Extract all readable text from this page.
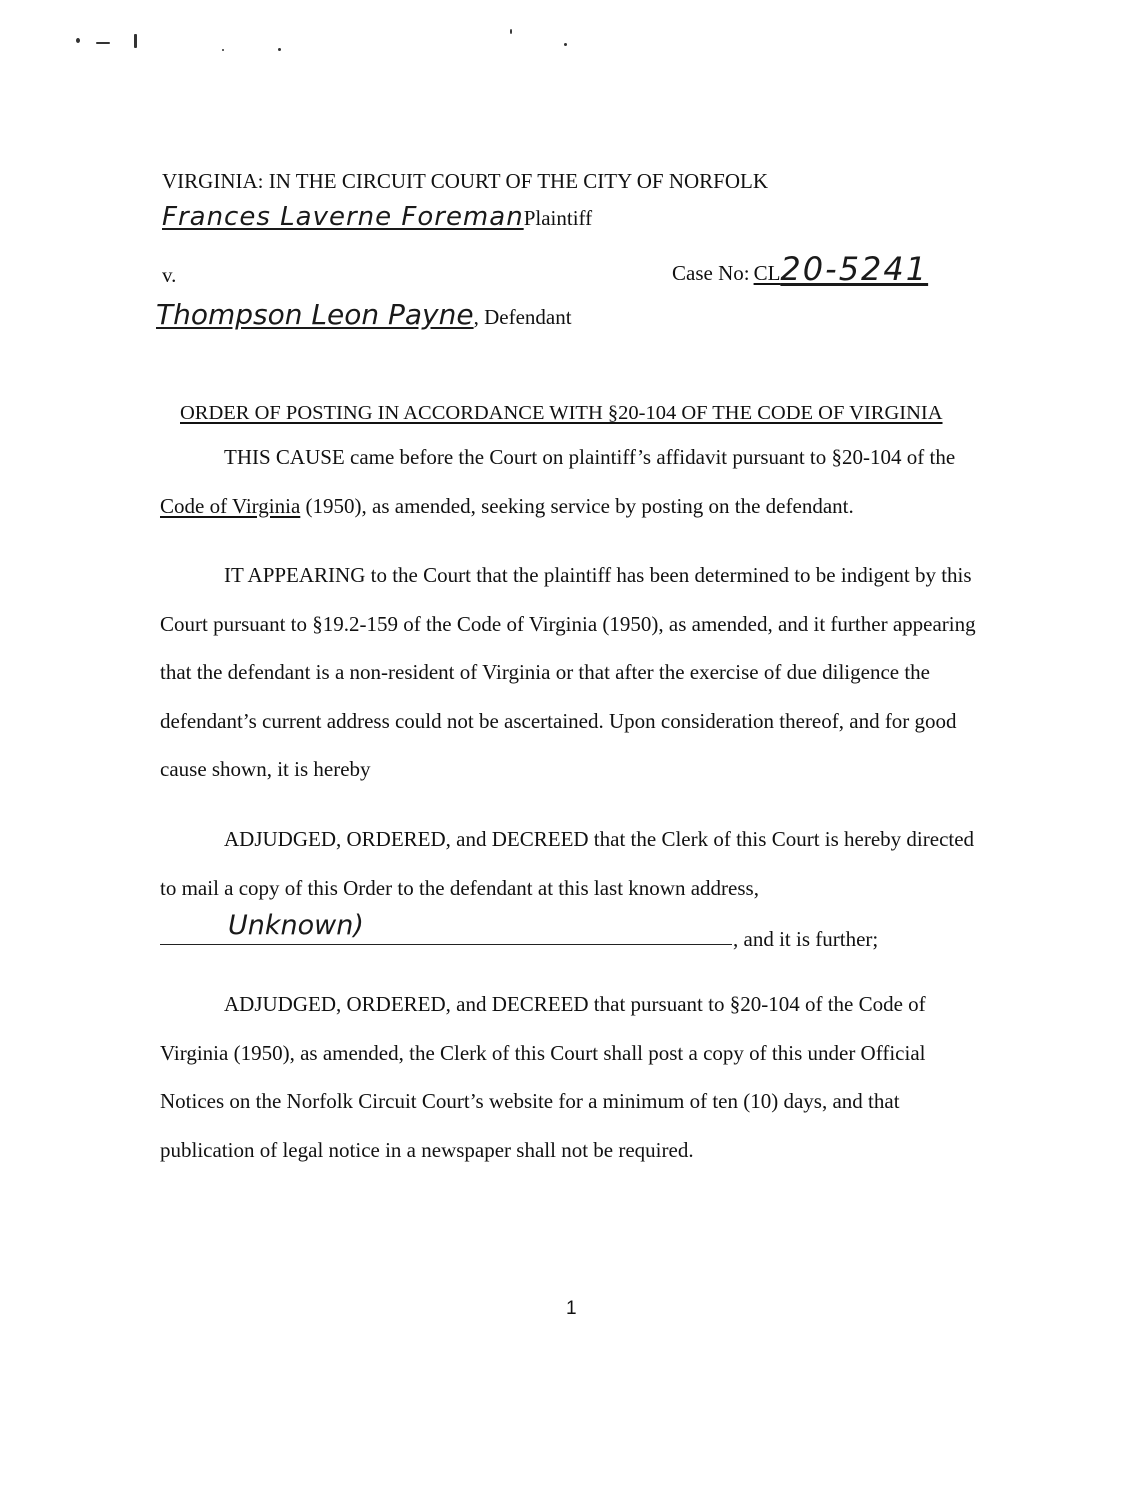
VIRGINIA: IN THE CIRCUIT COURT OF THE CITY OF NORFOLK
Frances Laverne ForemanPlaintiff
v.	Case No: CL20-5241
Thompson Leon Payne, Defendant
ORDER OF POSTING IN ACCORDANCE WITH §20-104 OF THE CODE OF VIRGINIA
THIS CAUSE came before the Court on plaintiff’s affidavit pursuant to §20-104 of the
Code of Virginia (1950), as amended, seeking service by posting on the defendant.
IT APPEARING to the Court that the plaintiff has been determined to be indigent by this Court pursuant to §19.2-159 of the Code of Virginia (1950), as amended, and it further appearing that the defendant is a non-resident of Virginia or that after the exercise of due diligence the defendant’s current address could not be ascertained. Upon consideration thereof, and for good cause shown, it is hereby
ADJUDGED, ORDERED, and DECREED that the Clerk of this Court is hereby directed to mail a copy of this Order to the defendant at this last known address,
Unknown)	, and it is further;
ADJUDGED, ORDERED, and DECREED that pursuant to §20-104 of the Code of Virginia (1950), as amended, the Clerk of this Court shall post a copy of this under Official Notices on the Norfolk Circuit Court’s website for a minimum of ten (10) days, and that publication of legal notice in a newspaper shall not be required.
1
